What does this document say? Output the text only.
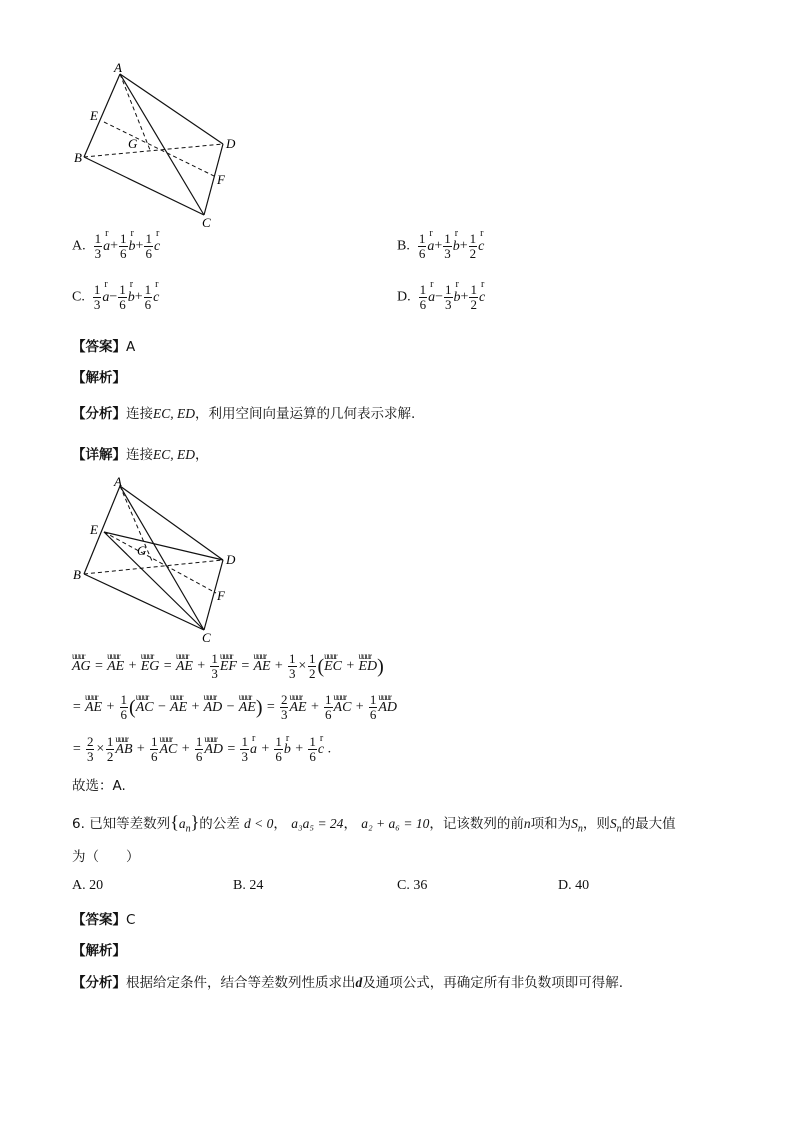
A
B
C
D
E
F
G
A. $\frac{1}{3}$ r $a+ \frac{1}{6}$ r $b+ \frac{1}{6}$ r c	B. $\frac{1}{6}$ r $a+ \frac{1}{3}$ r $b+ \frac{1}{2}$ r c
C. $\frac{1}{3}$ r $a- \frac{1}{6}$ r $b+ \frac{1}{6}$ r c	D. $\frac{1}{6}$ r $a- \frac{1}{3}$ r $b+ \frac{1}{2}$ r c
【答案】A
【解析】
【分析】连接EC, ED，利用空间向量运算的几何表示求解.
【详解】连接EC, ED，
A
B
C
D
E
F
G
uuur AG = uuur AE + uuur EG = uuur AE + $\frac{1}{3}$ uuur EF = uuur AE + $\frac{1}{3} \times \frac{1}{2}$ (uuur EC + uuur ED)
= uuur AE + $\frac{1}{6}$ (uuur AC − uuur AE + uuur AD − uuur $AE) = \frac{2}{3}$ uuur AE + $\frac{1}{6}$ uuur AC + $\frac{1}{6}$ uuur AD
= $\frac{2}{3} \times \frac{1}{2}$ uuur AB + $\frac{1}{6}$ uuur AC + $\frac{1}{6}$ uuur AD = $\frac{1}{3}$ r $a + \frac{1}{6}$ r $b + \frac{1}{6}$ r c .
故选：A.
6. 已知等差数列$\{a_n\}$的公差 d < 0， a₃a₅ = 24， a₂ + a₆ = 10，记该数列的前n项和为$S_n$，则$S_n$的最大值
为（　　）
A. 20	B. 24	C. 36	D. 40
【答案】C
【解析】
【分析】根据给定条件，结合等差数列性质求出d及通项公式，再确定所有非负数项即可得解.
